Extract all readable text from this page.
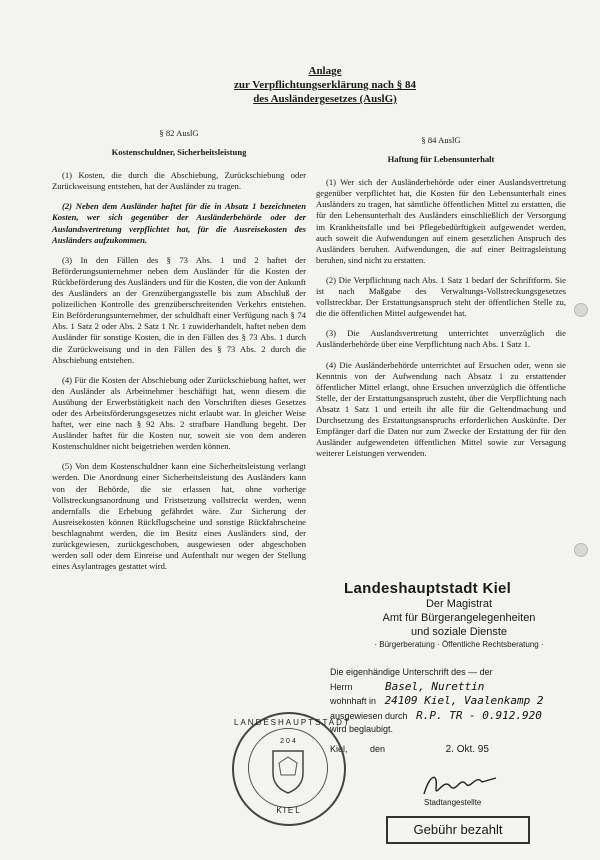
Anlage
zur Verpflichtungserklärung nach § 84
des Ausländergesetzes (AuslG)
§ 82 AuslG
Kostenschuldner, Sicherheitsleistung

(1) Kosten, die durch die Abschiebung, Zurückschiebung oder Zurückweisung entstehen, hat der Ausländer zu tragen.

(2) Neben dem Ausländer haftet für die in Absatz 1 bezeichneten Kosten, wer sich gegenüber der Ausländerbehörde oder der Auslandsvertretung verpflichtet hat, für die Ausreisekosten des Ausländers aufzukommen.

(3) In den Fällen des § 73 Abs. 1 und 2 haftet der Beförderungsunternehmer neben dem Ausländer für die Kosten der Rückbeförderung des Ausländers und für die Kosten, die von der Ankunft des Ausländers an der Grenzübergangsstelle bis zum Abschluß der polizeilichen Kontrolle des grenzüberschreitenden Verkehrs entstehen. Ein Beförderungsunternehmer, der schuldhaft einer Verfügung nach § 74 Abs. 1 Satz 2 oder Abs. 2 Satz 1 Nr. 1 zuwiderhandelt, haftet neben dem Ausländer für sonstige Kosten, die in den Fällen des § 73 Abs. 1 durch die Zurückweisung und in den Fällen des § 73 Abs. 2 durch die Abschiebung entstehen.

(4) Für die Kosten der Abschiebung oder Zurückschiebung haftet, wer den Ausländer als Arbeitnehmer beschäftigt hat, wenn diesem die Ausübung der Erwerbstätigkeit nach den Vorschriften dieses Gesetzes oder des Arbeitsförderungsgesetzes nicht erlaubt war. In gleicher Weise haftet, wer eine nach § 92 Abs. 2 strafbare Handlung begeht. Der Ausländer haftet für die Kosten nur, soweit sie von dem anderen Kostenschuldner nicht beigetrieben werden können.

(5) Von dem Kostenschuldner kann eine Sicherheitsleistung verlangt werden. Die Anordnung einer Sicherheitsleistung des Ausländers kann von der Behörde, die sie erlassen hat, ohne vorherige Vollstreckungsanordnung und Fristsetzung vollstreckt werden, wenn andernfalls die Erhebung gefährdet wäre. Zur Sicherung der Ausreisekosten können Rückflugscheine und sonstige Rückfahrscheine beschlagnahmt werden, die im Besitz eines Ausländers sind, der zurückgewiesen, zurückgeschoben, ausgewiesen oder abgeschoben werden soll oder dem Einreise und Aufenthalt nur wegen der Stellung eines Asylantrages gestattet wird.

§ 84 AuslG
Haftung für Lebensunterhalt

(1) Wer sich der Ausländerbehörde oder einer Auslandsvertretung gegenüber verpflichtet hat, die Kosten für den Lebensunterhalt eines Ausländers zu tragen, hat sämtliche öffentlichen Mittel zu erstatten, die für den Lebensunterhalt des Ausländers einschließlich der Versorgung im Krankheitsfalle und bei Pflegebedürftigkeit aufgewendet werden, auch soweit die Aufwendungen auf einem gesetzlichen Anspruch des Ausländers beruhen. Aufwendungen, die auf einer Beitragsleistung beruhen, sind nicht zu erstatten.

(2) Die Verpflichtung nach Abs. 1 Satz 1 bedarf der Schriftform. Sie ist nach Maßgabe des Verwaltungs-Vollstreckungsgesetzes vollstreckbar. Der Erstattungsanspruch steht der öffentlichen Stelle zu, die die öffentlichen Mittel aufgewendet hat.

(3) Die Auslandsvertretung unterrichtet unverzüglich die Ausländerbehörde über eine Verpflichtung nach Abs. 1 Satz 1.

(4) Die Ausländerbehörde unterrichtet auf Ersuchen oder, wenn sie Kenntnis von der Aufwendung nach Absatz 1 zu erstattender öffentlicher Mittel erlangt, ohne Ersuchen unverzüglich die öffentliche Stelle, der der Erstattungsanspruch zusteht, über die Verpflichtung nach Absatz 1 Satz 1 und erteilt ihr alle für die Geltendmachung und Durchsetzung des Erstattungsanspruchs erforderlichen Auskünfte. Der Empfänger darf die Daten nur zum Zwecke der Erstattung der für den Ausländer aufgewendeten öffentlichen Mittel sowie zur Versagung weiterer Leistungen verwenden.

Landeshauptstadt Kiel
Der Magistrat
Amt für Bürgerangelegenheiten
und soziale Dienste
· Bürgerberatung · Öffentliche Rechtsberatung ·
Die eigenhändige Unterschrift des — der
Herrn	Basel, Nurettin
wohnhaft in 24109 Kiel, Vaalenkamp 2
ausgewiesen durch R.P. TR - 0.912.920
wird beglaubigt.
Kiel,	den	2. Okt. 95
LANDESHAUPTSTADT
204
KIEL
Stadtangestellte
Gebühr bezahlt
